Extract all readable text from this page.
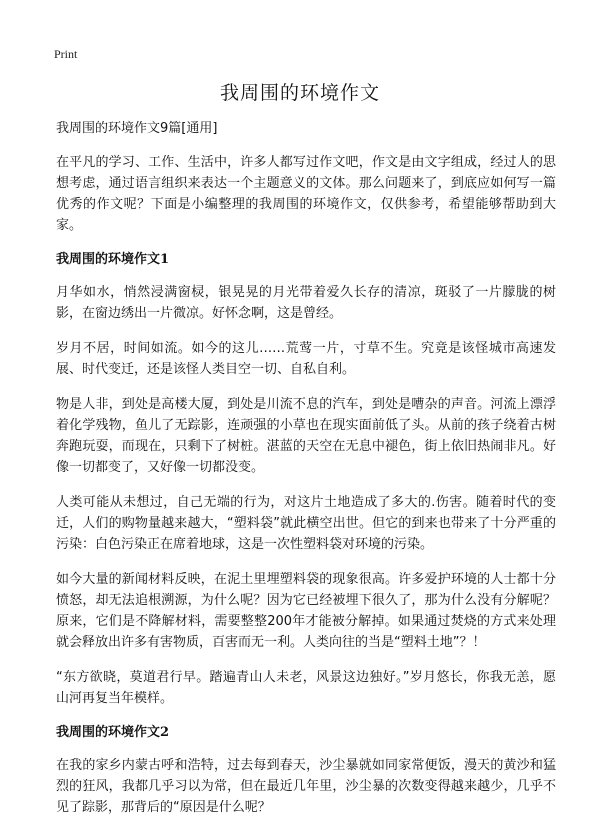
Print
我周围的环境作文

我周围的环境作文9篇[通用]

在平凡的学习、工作、生活中，许多人都写过作文吧，作文是由文字组成，经过人的思想考虑，通过语言组织来表达一个主题意义的文体。那么问题来了，到底应如何写一篇优秀的作文呢？下面是小编整理的我周围的环境作文，仅供参考，希望能够帮助到大家。

我周围的环境作文1

月华如水，悄然浸满窗棂，银晃晃的月光带着爱久长存的清凉，斑驳了一片朦胧的树影，在窗边绣出一片微凉。好怀念啊，这是曾经。

岁月不居，时间如流。如今的这儿……荒莺一片，寸草不生。究竟是该怪城市高速发展、时代变迁，还是该怪人类目空一切、自私自利。

物是人非，到处是高楼大厦，到处是川流不息的汽车，到处是嘈杂的声音。河流上漂浮着化学残物，鱼儿了无踪影，连顽强的小草也在现实面前低了头。从前的孩子绕着古树奔跑玩耍，而现在，只剩下了树桩。湛蓝的天空在无息中褪色，街上依旧热闹非凡。好像一切都变了，又好像一切都没变。

人类可能从未想过，自己无端的行为，对这片土地造成了多大的.伤害。随着时代的变迁，人们的购物量越来越大，“塑料袋”就此横空出世。但它的到来也带来了十分严重的污染：白色污染正在席着地球，这是一次性塑料袋对环境的污染。

如今大量的新闻材料反映，在泥土里埋塑料袋的现象很高。许多爱护环境的人士都十分愤怒，却无法追根溯源，为什么呢？因为它已经被埋下很久了，那为什么没有分解呢？原来，它们是不降解材料，需要整整200年才能被分解掉。如果通过焚烧的方式来处理就会释放出许多有害物质，百害而无一利。人类向往的当是“塑料土地”？！

“东方欲晓，莫道君行早。踏遍青山人未老，风景这边独好。”岁月悠长，你我无恙，愿山河再复当年模样。

我周围的环境作文2

在我的家乡内蒙古呼和浩特，过去每到春天，沙尘暴就如同家常便饭，漫天的黄沙和猛烈的狂风，我都几乎习以为常，但在最近几年里，沙尘暴的次数变得越来越少，几乎不见了踪影，那背后的“原因是什么呢？
